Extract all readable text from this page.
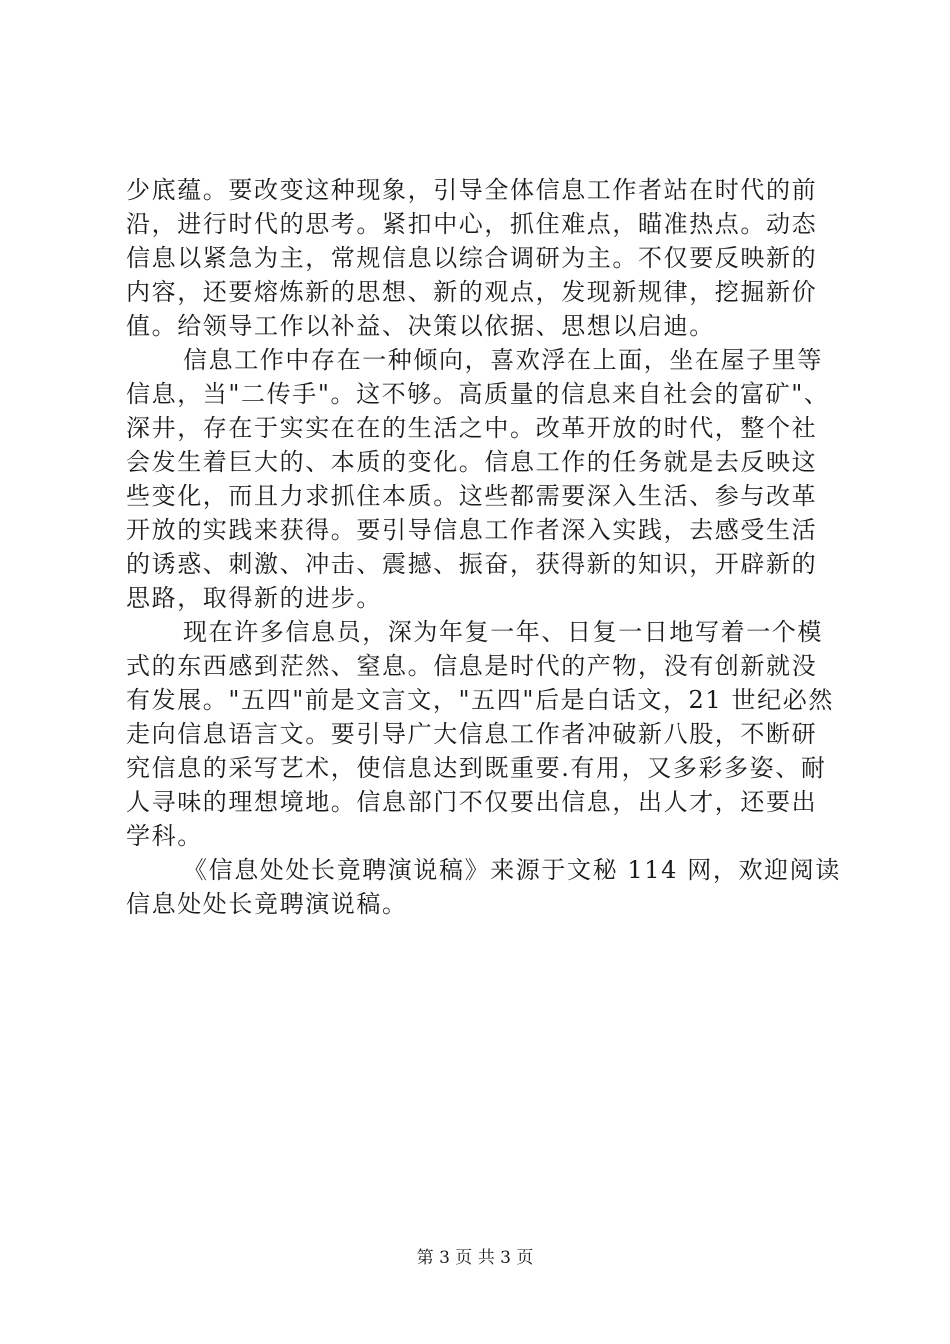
少底蕴。要改变这种现象，引导全体信息工作者站在时代的前
沿，进行时代的思考。紧扣中心，抓住难点，瞄准热点。动态
信息以紧急为主，常规信息以综合调研为主。不仅要反映新的
内容，还要熔炼新的思想、新的观点，发现新规律，挖掘新价
值。给领导工作以补益、决策以依据、思想以启迪。
信息工作中存在一种倾向，喜欢浮在上面，坐在屋子里等
信息，当"二传手"。这不够。高质量的信息来自社会的富矿"、
深井，存在于实实在在的生活之中。改革开放的时代，整个社
会发生着巨大的、本质的变化。信息工作的任务就是去反映这
些变化，而且力求抓住本质。这些都需要深入生活、参与改革
开放的实践来获得。要引导信息工作者深入实践，去感受生活
的诱惑、刺激、冲击、震撼、振奋，获得新的知识，开辟新的
思路，取得新的进步。
现在许多信息员，深为年复一年、日复一日地写着一个模
式的东西感到茫然、窒息。信息是时代的产物，没有创新就没
有发展。"五四"前是文言文，"五四"后是白话文，21 世纪必然
走向信息语言文。要引导广大信息工作者冲破新八股，不断研
究信息的采写艺术，使信息达到既重要.有用，又多彩多姿、耐
人寻味的理想境地。信息部门不仅要出信息，出人才，还要出
学科。
《信息处处长竟聘演说稿》来源于文秘 114 网，欢迎阅读
信息处处长竟聘演说稿。
第 3 页 共 3 页
